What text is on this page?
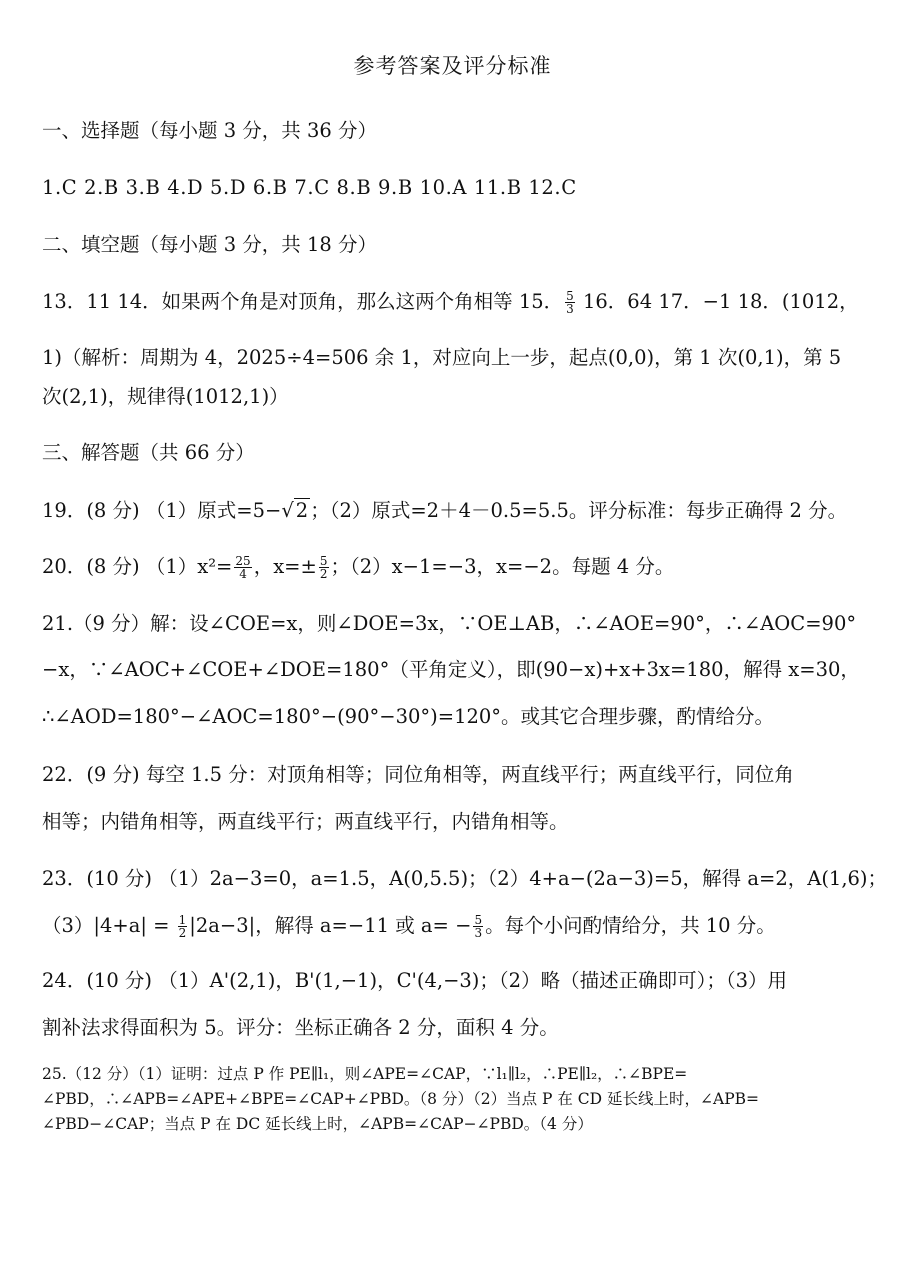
参考答案及评分标准
一、选择题（每小题 3 分，共 36 分）
1.C 2.B 3.B 4.D 5.D 6.B 7.C 8.B 9.B 10.A 11.B 12.C
二、填空题（每小题 3 分，共 18 分）
13．11 14．如果两个角是对顶角，那么这两个角相等 15． $\frac{5}{3} 16$．64 17．−1 18．(1012，
1)（解析：周期为 4，2025÷4=506 余 1，对应向上一步，起点(0,0)，第 1 次(0,1)，第 5
次(2,1)，规律得(1012,1)）
三、解答题（共 66 分）
19．(8 分) （1）原式=5−√ 2 ；（2）原式=2＋4－0.5=5.5。评分标准：每步正确得 2 分。
20．(8 分) $(1)x^2= \frac{25}{4}$ ，$x=\pm \frac{5}{2}$ ；（2）x−1=−3，x=−2。每题 4 分。
21.（9 分）解：设∠COE=x，则∠DOE=3x，∵OE⊥AB，∴∠AOE=90°，∴∠AOC=90°
−x，∵∠AOC+∠COE+∠DOE=180°（平角定义），即(90−x)+x+3x=180，解得 x=30，
∴∠AOD=180°−∠AOC=180°−(90°−30°)=120°。或其它合理步骤，酌情给分。
22．(9 分) 每空 1.5 分：对顶角相等；同位角相等，两直线平行；两直线平行，同位角
相等；内错角相等，两直线平行；两直线平行，内错角相等。
23．(10 分) （1）2a−3=0，a=1.5，A(0,5.5)；（2）4+a−(2a−3)=5，解得 a=2，A(1,6)；
$(3)|4+a| = \frac{1}{2} |2a-3|$，解得 a=−11 或 $a= - \frac{5}{3}$ 。每个小问酌情给分，共 10 分。
24．(10 分) （1）A'(2,1)，B'(1,−1)，C'(4,−3)；（2）略（描述正确即可）；（3）用
割补法求得面积为 5。评分：坐标正确各 2 分，面积 4 分。
25.（12 分）（1）证明：过点 P 作 PE∥l₁，则∠APE=∠CAP，∵l₁∥l₂，∴PE∥l₂，∴∠BPE=
∠PBD，∴∠APB=∠APE+∠BPE=∠CAP+∠PBD。（8 分）（2）当点 P 在 CD 延长线上时，∠APB=
∠PBD−∠CAP；当点 P 在 DC 延长线上时，∠APB=∠CAP−∠PBD。（4 分）
